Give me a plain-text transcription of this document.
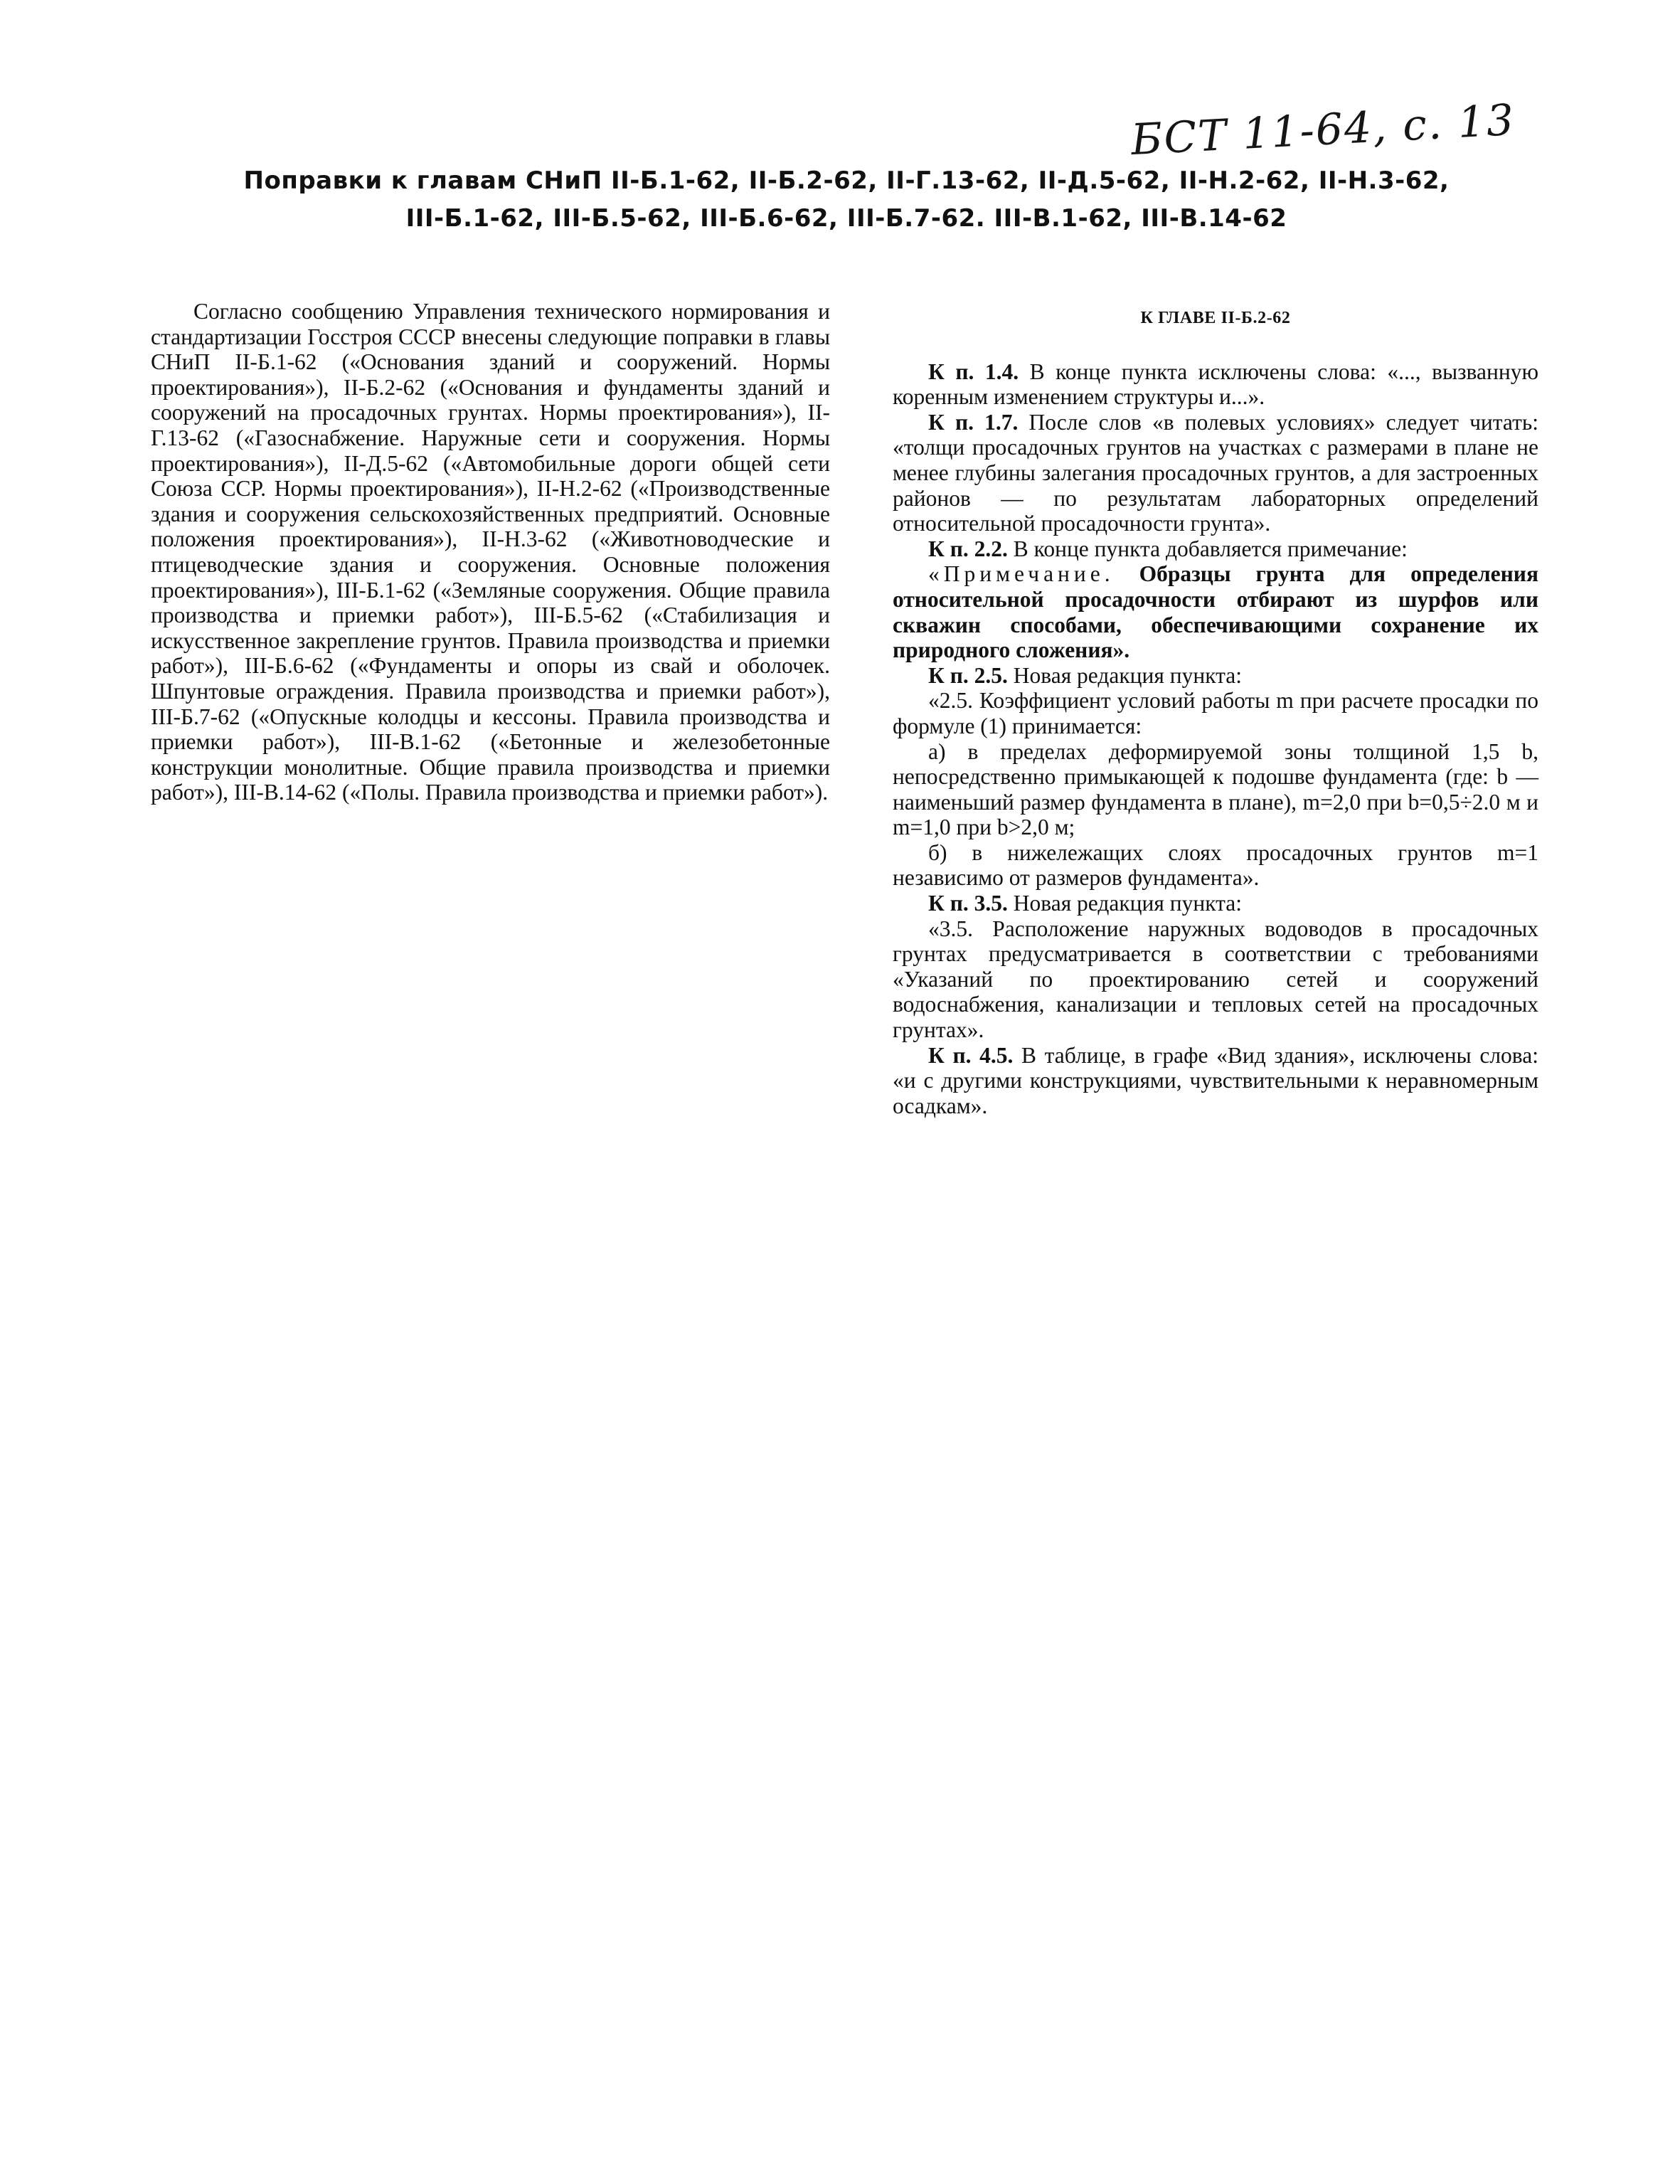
БСТ 11-64, с. 13
Поправки к главам СНиП II-Б.1-62, II-Б.2-62, II-Г.13-62, II-Д.5-62, II-Н.2-62, II-Н.3-62,
III-Б.1-62, III-Б.5-62, III-Б.6-62, III-Б.7-62. III-В.1-62, III-В.14-62

Согласно сообщению Управления технического нормирования и стандартизации Госстроя СССР внесены следующие поправки в главы СНиП II-Б.1-62 («Основания зданий и сооружений. Нормы проектирования»), II-Б.2-62 («Основания и фундаменты зданий и сооружений на просадочных грунтах. Нормы проектирования»), II-Г.13-62 («Газоснабжение. Наружные сети и сооружения. Нормы проектирования»), II-Д.5-62 («Автомобильные дороги общей сети Союза ССР. Нормы проектирования»), II-Н.2-62 («Производственные здания и сооружения сельскохозяйственных предприятий. Основные положения проектирования»), II-Н.3-62 («Животноводческие и птицеводческие здания и сооружения. Основные положения проектирования»), III-Б.1-62 («Земляные сооружения. Общие правила производства и приемки работ»), III-Б.5-62 («Стабилизация и искусственное закрепление грунтов. Правила производства и приемки работ»), III-Б.6-62 («Фундаменты и опоры из свай и оболочек. Шпунтовые ограждения. Правила производства и приемки работ»), III-Б.7-62 («Опускные колодцы и кессоны. Правила производства и приемки работ»), III-В.1-62 («Бетонные и железобетонные конструкции монолитные. Общие правила производства и приемки работ»), III-В.14-62 («Полы. Правила производства и приемки работ»).

К ГЛАВЕ II-Б.2-62

К п. 1.4. В конце пункта исключены слова: «..., вызванную коренным изменением структуры и...».

К п. 1.7. После слов «в полевых условиях» следует читать: «толщи просадочных грунтов на участках с размерами в плане не менее глубины залегания просадочных грунтов, а для застроенных районов — по результатам лабораторных определений относительной просадочности грунта».

К п. 2.2. В конце пункта добавляется примечание:

«Примечание. Образцы грунта для определения относительной просадочности отбирают из шурфов или скважин способами, обеспечивающими сохранение их природного сложения».

К п. 2.5. Новая редакция пункта:

«2.5. Коэффициент условий работы m при расчете просадки по формуле (1) принимается:

а) в пределах деформируемой зоны толщиной 1,5 b, непосредственно примыкающей к подошве фундамента (где: b — наименьший размер фундамента в плане), m=2,0 при b=0,5÷2.0 м и m=1,0 при b>2,0 м;

б) в нижележащих слоях просадочных грунтов m=1 независимо от размеров фундамента».

К п. 3.5. Новая редакция пункта:

«3.5. Расположение наружных водоводов в просадочных грунтах предусматривается в соответствии с требованиями «Указаний по проектированию сетей и сооружений водоснабжения, канализации и тепловых сетей на просадочных грунтах».

К п. 4.5. В таблице, в графе «Вид здания», исключены слова: «и с другими конструкциями, чувствительными к неравномерным осадкам».
